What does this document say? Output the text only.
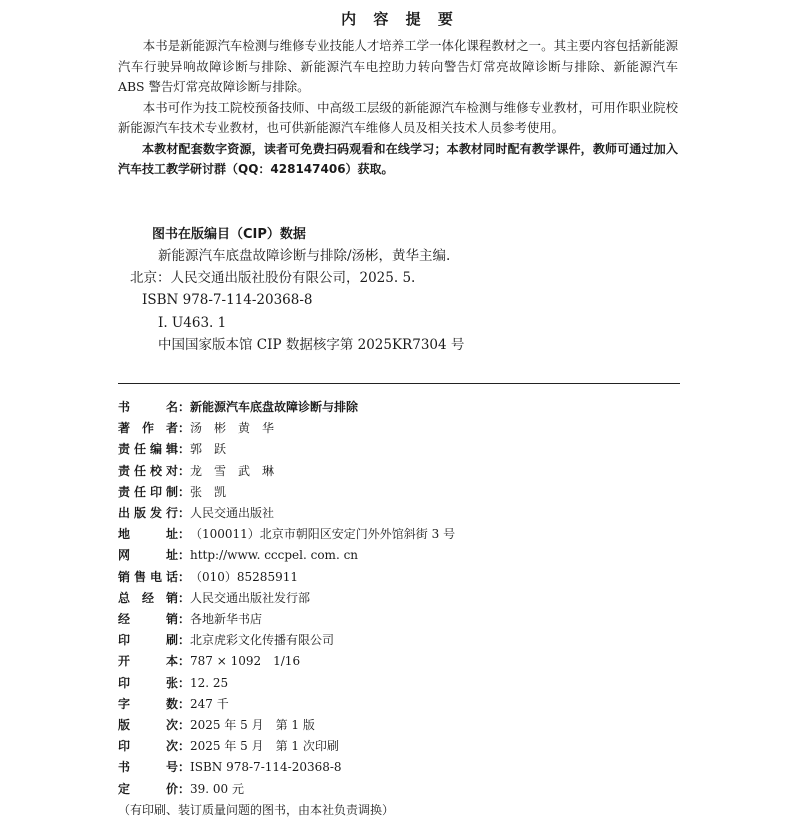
内 容 提 要

本书是新能源汽车检测与维修专业技能人才培养工学一体化课程教材之一。其主要内容包括新能源汽车行驶异响故障诊断与排除、新能源汽车电控助力转向警告灯常亮故障诊断与排除、新能源汽车 ABS 警告灯常亮故障诊断与排除。

本书可作为技工院校预备技师、中高级工层级的新能源汽车检测与维修专业教材，可用作职业院校新能源汽车技术专业教材，也可供新能源汽车维修人员及相关技术人员参考使用。

本教材配套数字资源，读者可免费扫码观看和在线学习；本教材同时配有教学课件，教师可通过加入汽车技工教学研讨群（QQ：428147406）获取。

图书在版编目（CIP）数据
新能源汽车底盘故障诊断与排除/汤彬，黄华主编.
北京：人民交通出版社股份有限公司，2025. 5.
ISBN 978-7-114-20368-8
Ⅰ. U463. 1
中国国家版本馆 CIP 数据核字第 2025KR7304 号
书名 ： 新能源汽车底盘故障诊断与排除
著作者 ： 汤　彬　黄　华
责任编辑 ： 郭　跃
责任校对 ： 龙　雪　武　琳
责任印制 ： 张　凯
出版发行 ： 人民交通出版社
地址 ： （100011）北京市朝阳区安定门外外馆斜街 3 号
网址 ： http://www. cccpel. com. cn
销售电话 ： （010）85285911
总经销 ： 人民交通出版社发行部
经销 ： 各地新华书店
印刷 ： 北京虎彩文化传播有限公司
开本 ： 787 × 1092　1/16
印张 ： 12. 25
字数 ： 247 千
版次 ： 2025 年 5 月　第 1 版
印次 ： 2025 年 5 月　第 1 次印刷
书号 ： ISBN 978-7-114-20368-8
定价 ： 39. 00 元
（有印刷、装订质量问题的图书，由本社负责调换）
